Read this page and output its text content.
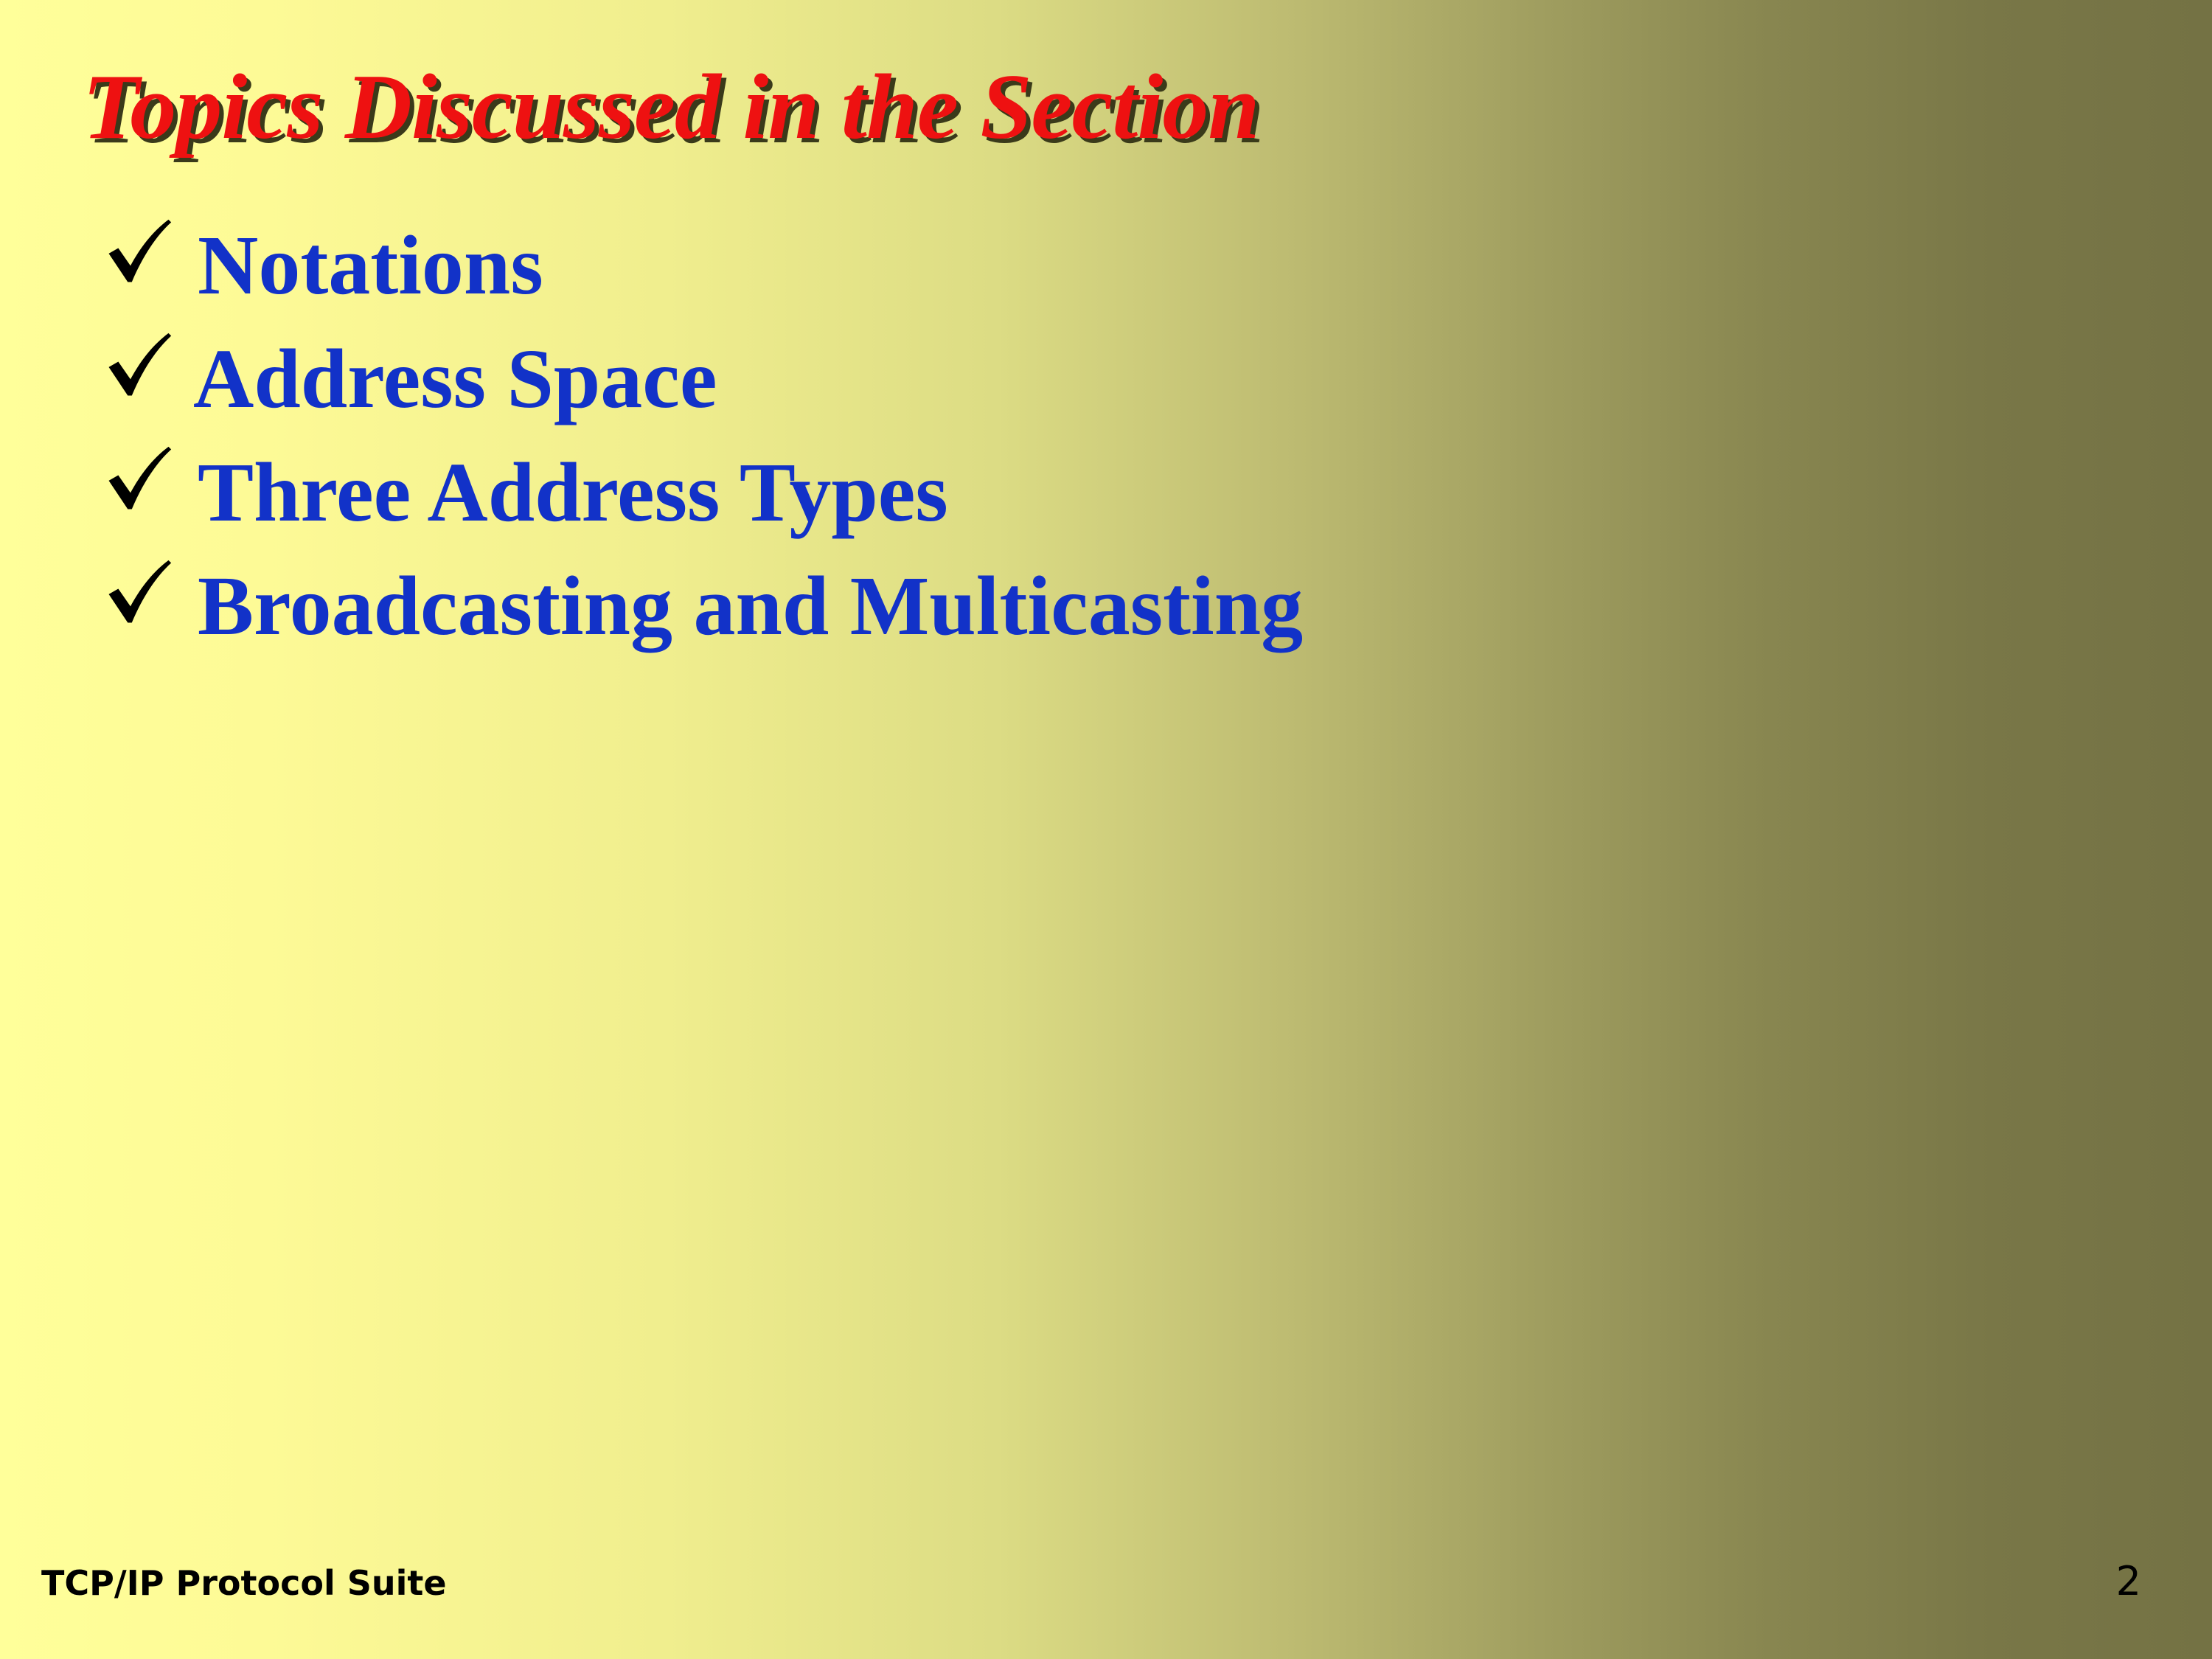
Topics Discussed in the Section
Notations
Address Space
Three Address Types
Broadcasting and Multicasting
TCP/IP Protocol Suite	2
